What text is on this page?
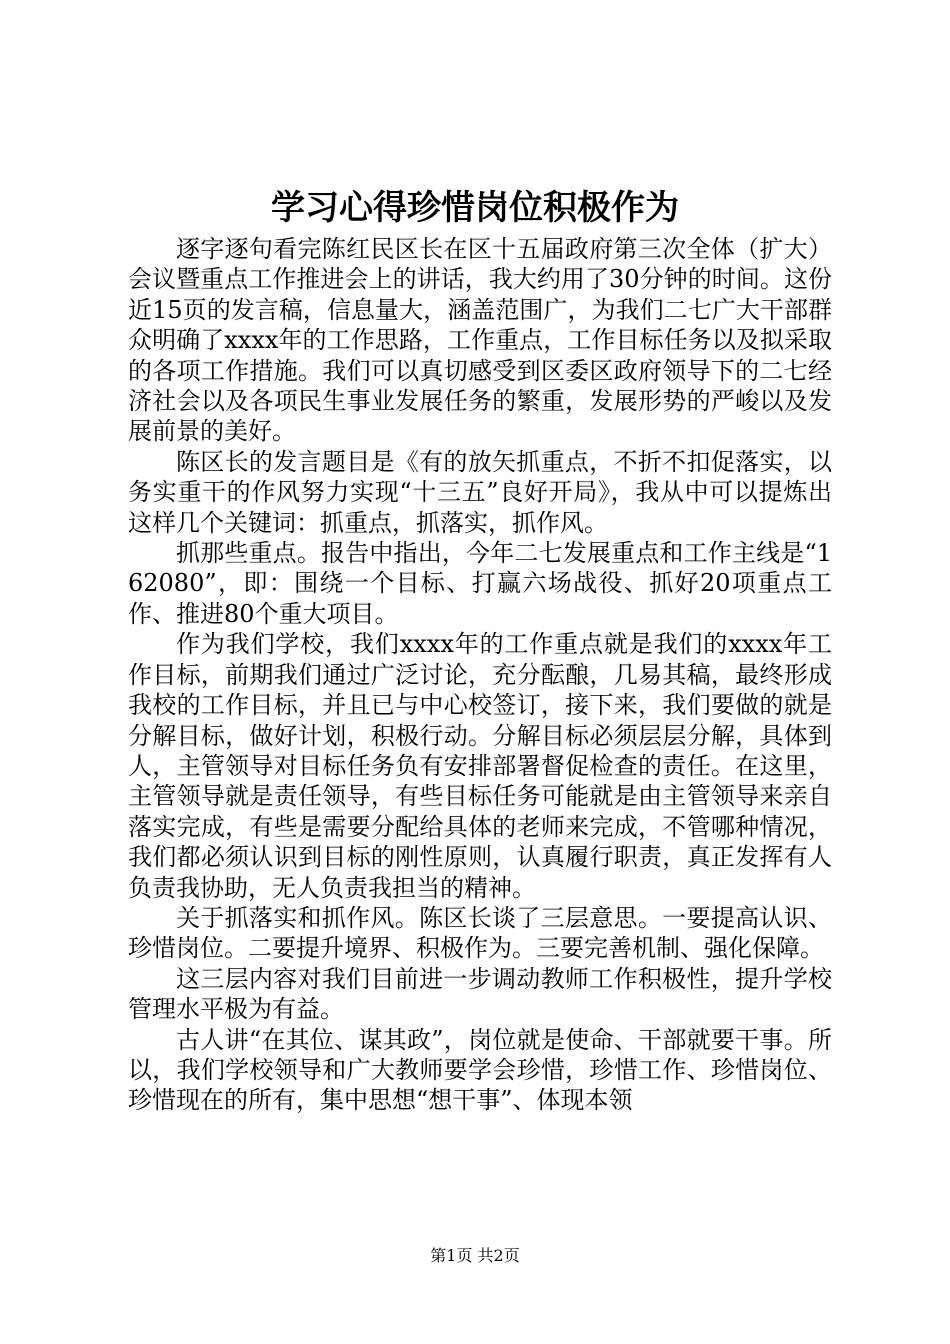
学习心得珍惜岗位积极作为

逐字逐句看完陈红民区长在区十五届政府第三次全体（扩大）会议暨重点工作推进会上的讲话，我大约用了30分钟的时间。这份近15页的发言稿，信息量大，涵盖范围广，为我们二七广大干部群众明确了xxxx年的工作思路，工作重点，工作目标任务以及拟采取的各项工作措施。我们可以真切感受到区委区政府领导下的二七经济社会以及各项民生事业发展任务的繁重，发展形势的严峻以及发展前景的美好。

陈区长的发言题目是《有的放矢抓重点，不折不扣促落实，以务实重干的作风努力实现“十三五”良好开局》，我从中可以提炼出这样几个关键词：抓重点，抓落实，抓作风。

抓那些重点。报告中指出，今年二七发展重点和工作主线是“162080”，即：围绕一个目标、打赢六场战役、抓好20项重点工作、推进80个重大项目。

作为我们学校，我们xxxx年的工作重点就是我们的xxxx年工作目标，前期我们通过广泛讨论，充分酝酿，几易其稿，最终形成我校的工作目标，并且已与中心校签订，接下来，我们要做的就是分解目标，做好计划，积极行动。分解目标必须层层分解，具体到人，主管领导对目标任务负有安排部署督促检查的责任。在这里，主管领导就是责任领导，有些目标任务可能就是由主管领导来亲自落实完成，有些是需要分配给具体的老师来完成，不管哪种情况，我们都必须认识到目标的刚性原则，认真履行职责，真正发挥有人负责我协助，无人负责我担当的精神。

关于抓落实和抓作风。陈区长谈了三层意思。一要提高认识、珍惜岗位。二要提升境界、积极作为。三要完善机制、强化保障。

这三层内容对我们目前进一步调动教师工作积极性，提升学校管理水平极为有益。

古人讲“在其位、谋其政”，岗位就是使命、干部就要干事。所以，我们学校领导和广大教师要学会珍惜，珍惜工作、珍惜岗位、珍惜现在的所有，集中思想“想干事”、体现本领

第1页 共2页
